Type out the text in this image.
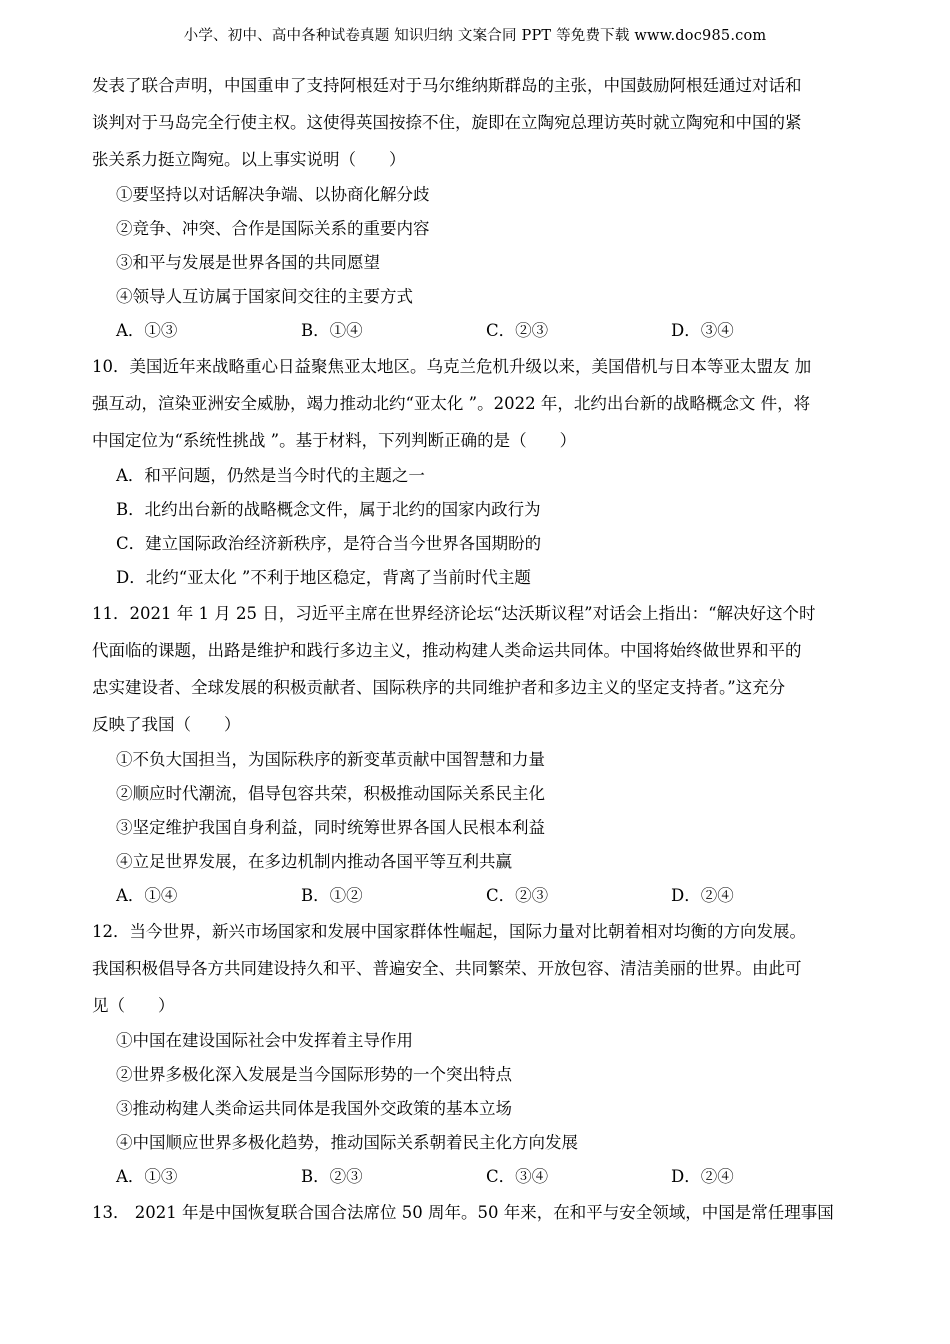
小学、初中、高中各种试卷真题 知识归纳 文案合同 PPT 等免费下载 www.doc985.com
发表了联合声明，中国重申了支持阿根廷对于马尔维纳斯群岛的主张，中国鼓励阿根廷通过对话和
谈判对于马岛完全行使主权。这使得英国按捺不住，旋即在立陶宛总理访英时就立陶宛和中国的紧
张关系力挺立陶宛。以上事实说明（　　）
①要坚持以对话解决争端、以协商化解分歧
②竞争、冲突、合作是国际关系的重要内容
③和平与发展是世界各国的共同愿望
④领导人互访属于国家间交往的主要方式
A．①③	B．①④	C．②③	D．③④
10．美国近年来战略重心日益聚焦亚太地区。乌克兰危机升级以来，美国借机与日本等亚太盟友 加
强互动，渲染亚洲安全威胁，竭力推动北约“亚太化 ”。2022 年，北约出台新的战略概念文 件，将
中国定位为“系统性挑战 ”。基于材料，下列判断正确的是（　　）
A．和平问题，仍然是当今时代的主题之一
B．北约出台新的战略概念文件，属于北约的国家内政行为
C．建立国际政治经济新秩序，是符合当今世界各国期盼的
D．北约“亚太化 ”不利于地区稳定，背离了当前时代主题
11．2021 年 1 月 25 日，习近平主席在世界经济论坛“达沃斯议程”对话会上指出：“解决好这个时
代面临的课题，出路是维护和践行多边主义，推动构建人类命运共同体。中国将始终做世界和平的
忠实建设者、全球发展的积极贡献者、国际秩序的共同维护者和多边主义的坚定支持者。”这充分
反映了我国（　　）
①不负大国担当，为国际秩序的新变革贡献中国智慧和力量
②顺应时代潮流，倡导包容共荣，积极推动国际关系民主化
③坚定维护我国自身利益，同时统筹世界各国人民根本利益
④立足世界发展，在多边机制内推动各国平等互利共赢
A．①④	B．①②	C．②③	D．②④
12．当今世界，新兴市场国家和发展中国家群体性崛起，国际力量对比朝着相对均衡的方向发展。
我国积极倡导各方共同建设持久和平、普遍安全、共同繁荣、开放包容、清洁美丽的世界。由此可
见（　　）
①中国在建设国际社会中发挥着主导作用
②世界多极化深入发展是当今国际形势的一个突出特点
③推动构建人类命运共同体是我国外交政策的基本立场
④中国顺应世界多极化趋势，推动国际关系朝着民主化方向发展
A．①③	B．②③	C．③④	D．②④
13． 2021 年是中国恢复联合国合法席位 50 周年。50 年来，在和平与安全领域，中国是常任理事国
